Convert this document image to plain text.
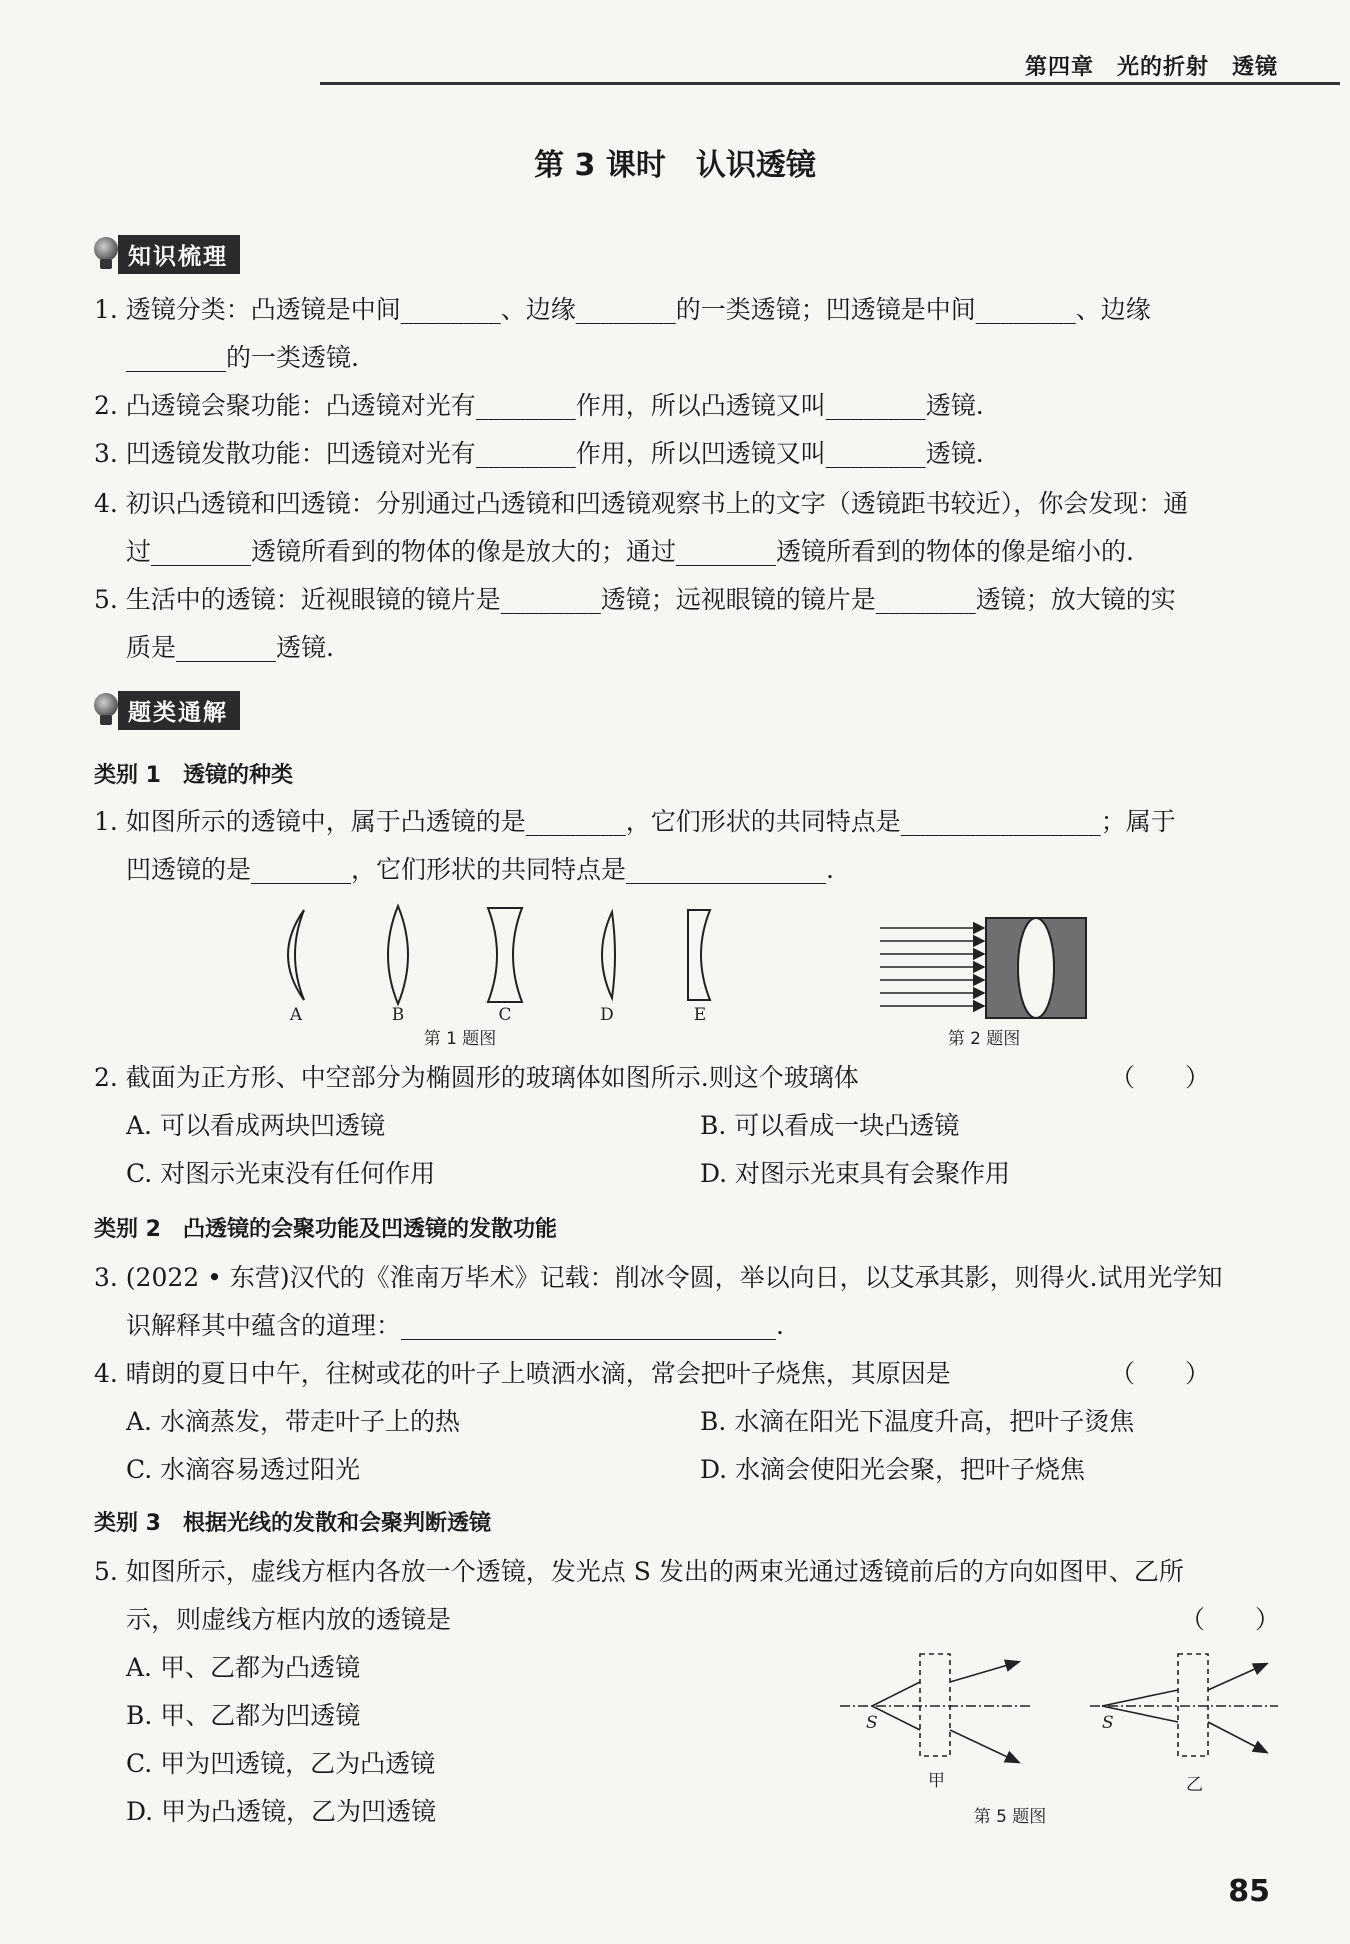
第四章　光的折射　透镜
第 3 课时　认识透镜
知识梳理
1. 透镜分类：凸透镜是中间________、边缘________的一类透镜；凹透镜是中间________、边缘
________的一类透镜.
2. 凸透镜会聚功能：凸透镜对光有________作用，所以凸透镜又叫________透镜.
3. 凹透镜发散功能：凹透镜对光有________作用，所以凹透镜又叫________透镜.
4. 初识凸透镜和凹透镜：分别通过凸透镜和凹透镜观察书上的文字（透镜距书较近），你会发现：通
过________透镜所看到的物体的像是放大的；通过________透镜所看到的物体的像是缩小的.
5. 生活中的透镜：近视眼镜的镜片是________透镜；远视眼镜的镜片是________透镜；放大镜的实
质是________透镜.
题类通解
类别 1　透镜的种类
1. 如图所示的透镜中，属于凸透镜的是________，它们形状的共同特点是________________；属于
凹透镜的是________，它们形状的共同特点是________________.
A	B	C	D	E
第 1 题图	第 2 题图
2. 截面为正方形、中空部分为椭圆形的玻璃体如图所示.则这个玻璃体	（　　）
A. 可以看成两块凹透镜	B. 可以看成一块凸透镜
C. 对图示光束没有任何作用	D. 对图示光束具有会聚作用
类别 2　凸透镜的会聚功能及凹透镜的发散功能
3. (2022 • 东营)汉代的《淮南万毕术》记载：削冰令圆，举以向日，以艾承其影，则得火.试用光学知
识解释其中蕴含的道理：______________________________.
4. 晴朗的夏日中午，往树或花的叶子上喷洒水滴，常会把叶子烧焦，其原因是	（　　）
A. 水滴蒸发，带走叶子上的热	B. 水滴在阳光下温度升高，把叶子烫焦
C. 水滴容易透过阳光	D. 水滴会使阳光会聚，把叶子烧焦
类别 3　根据光线的发散和会聚判断透镜
5. 如图所示，虚线方框内各放一个透镜，发光点 S 发出的两束光通过透镜前后的方向如图甲、乙所
示，则虚线方框内放的透镜是	（　　）
A. 甲、乙都为凸透镜
B. 甲、乙都为凹透镜
C. 甲为凹透镜，乙为凸透镜
D. 甲为凸透镜，乙为凹透镜
S	S
甲	乙
第 5 题图
85
